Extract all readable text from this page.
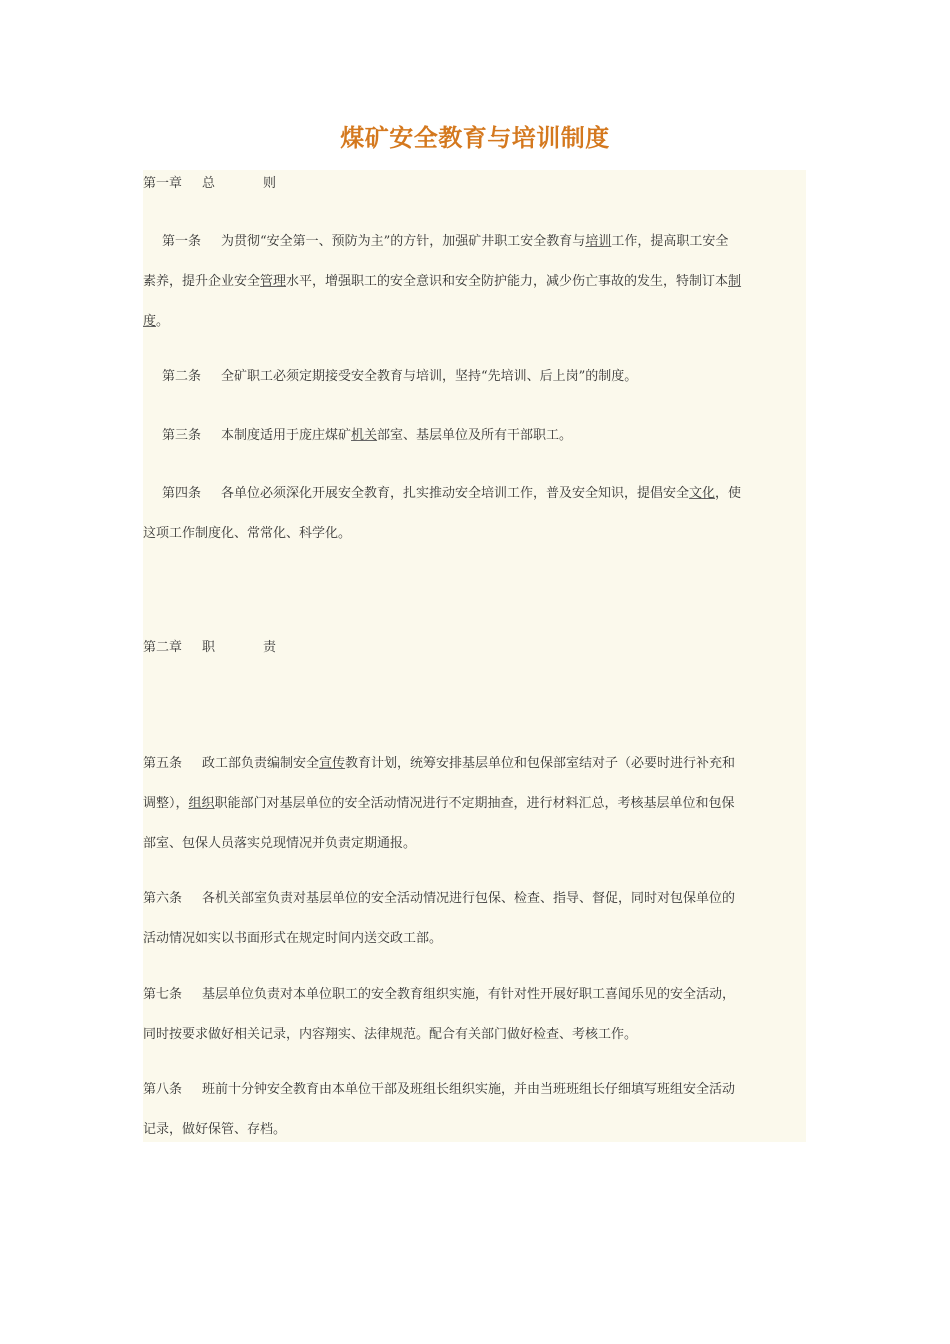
煤矿安全教育与培训制度
第一章 总	则
第一条 为贯彻“安全第一、预防为主”的方针，加强矿井职工安全教育与培训工作，提高职工安全
素养，提升企业安全管理水平，增强职工的安全意识和安全防护能力，减少伤亡事故的发生，特制订本制
度。
第二条 全矿职工必须定期接受安全教育与培训，坚持“先培训、后上岗”的制度。
第三条 本制度适用于庞庄煤矿机关部室、基层单位及所有干部职工。
第四条 各单位必须深化开展安全教育，扎实推动安全培训工作，普及安全知识，提倡安全文化，使
这项工作制度化、常常化、科学化。
第二章 职	责
第五条 政工部负责编制安全宣传教育计划，统筹安排基层单位和包保部室结对子（必要时进行补充和
调整），组织职能部门对基层单位的安全活动情况进行不定期抽查，进行材料汇总，考核基层单位和包保
部室、包保人员落实兑现情况并负责定期通报。
第六条 各机关部室负责对基层单位的安全活动情况进行包保、检查、指导、督促，同时对包保单位的
活动情况如实以书面形式在规定时间内送交政工部。
第七条 基层单位负责对本单位职工的安全教育组织实施，有针对性开展好职工喜闻乐见的安全活动，
同时按要求做好相关记录，内容翔实、法律规范。配合有关部门做好检查、考核工作。
第八条 班前十分钟安全教育由本单位干部及班组长组织实施，并由当班班组长仔细填写班组安全活动
记录，做好保管、存档。
